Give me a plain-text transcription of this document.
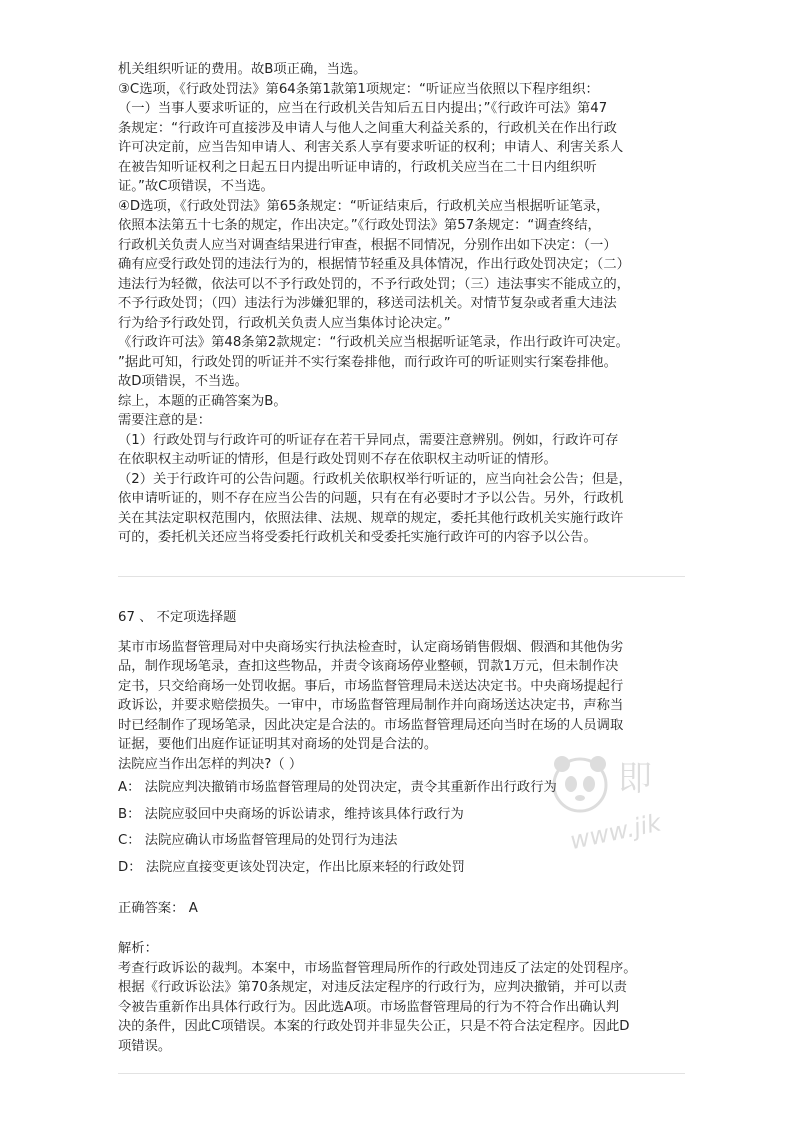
机关组织听证的费用。故B项正确，当选。

③C选项，《行政处罚法》第64条第1款第1项规定：“听证应当依照以下程序组织：

（一）当事人要求听证的，应当在行政机关告知后五日内提出；”《行政许可法》第47

条规定：“行政许可直接涉及申请人与他人之间重大利益关系的，行政机关在作出行政

许可决定前，应当告知申请人、利害关系人享有要求听证的权利；申请人、利害关系人

在被告知听证权利之日起五日内提出听证申请的，行政机关应当在二十日内组织听

证。”故C项错误，不当选。

④D选项，《行政处罚法》第65条规定：“听证结束后，行政机关应当根据听证笔录，

依照本法第五十七条的规定，作出决定。”《行政处罚法》第57条规定：“调查终结，

行政机关负责人应当对调查结果进行审查，根据不同情况，分别作出如下决定：（一）

确有应受行政处罚的违法行为的，根据情节轻重及具体情况，作出行政处罚决定；（二）

违法行为轻微，依法可以不予行政处罚的，不予行政处罚；（三）违法事实不能成立的，

不予行政处罚；（四）违法行为涉嫌犯罪的，移送司法机关。对情节复杂或者重大违法

行为给予行政处罚，行政机关负责人应当集体讨论决定。”

《行政许可法》第48条第2款规定：“行政机关应当根据听证笔录，作出行政许可决定。

”据此可知，行政处罚的听证并不实行案卷排他，而行政许可的听证则实行案卷排他。

故D项错误，不当选。

综上，本题的正确答案为B。

需要注意的是：

（1）行政处罚与行政许可的听证存在若干异同点，需要注意辨别。例如，行政许可存

在依职权主动听证的情形，但是行政处罚则不存在依职权主动听证的情形。

（2）关于行政许可的公告问题。行政机关依职权举行听证的，应当向社会公告；但是，

依申请听证的，则不存在应当公告的问题，只有在有必要时才予以公告。另外，行政机

关在其法定职权范围内，依照法律、法规、规章的规定，委托其他行政机关实施行政许

可的，委托机关还应当将受委托行政机关和受委托实施行政许可的内容予以公告。

67 、 不定项选择题

某市市场监督管理局对中央商场实行执法检查时，认定商场销售假烟、假酒和其他伪劣

品，制作现场笔录，查扣这些物品，并责令该商场停业整顿，罚款1万元，但未制作决

定书，只交给商场一处罚收据。事后，市场监督管理局未送达决定书。中央商场提起行

政诉讼，并要求赔偿损失。一审中，市场监督管理局制作并向商场送达决定书，声称当

时已经制作了现场笔录，因此决定是合法的。市场监督管理局还向当时在场的人员调取

证据，要他们出庭作证证明其对商场的处罚是合法的。

法院应当作出怎样的判决?（ ）

A： 法院应判决撤销市场监督管理局的处罚决定，责令其重新作出行政行为
B： 法院应驳回中央商场的诉讼请求，维持该具体行政行为
C： 法院应确认市场监督管理局的处罚行为违法
D： 法院应直接变更该处罚决定，作出比原来轻的行政处罚
正确答案： A

解析：

考查行政诉讼的裁判。本案中，市场监督管理局所作的行政处罚违反了法定的处罚程序。

根据《行政诉讼法》第70条规定，对违反法定程序的行政行为，应判决撤销，并可以责

令被告重新作出具体行政行为。因此选A项。市场监督管理局的行为不符合作出确认判

决的条件，因此C项错误。本案的行政处罚并非显失公正，只是不符合法定程序。因此D

项错误。

即
www.jik
